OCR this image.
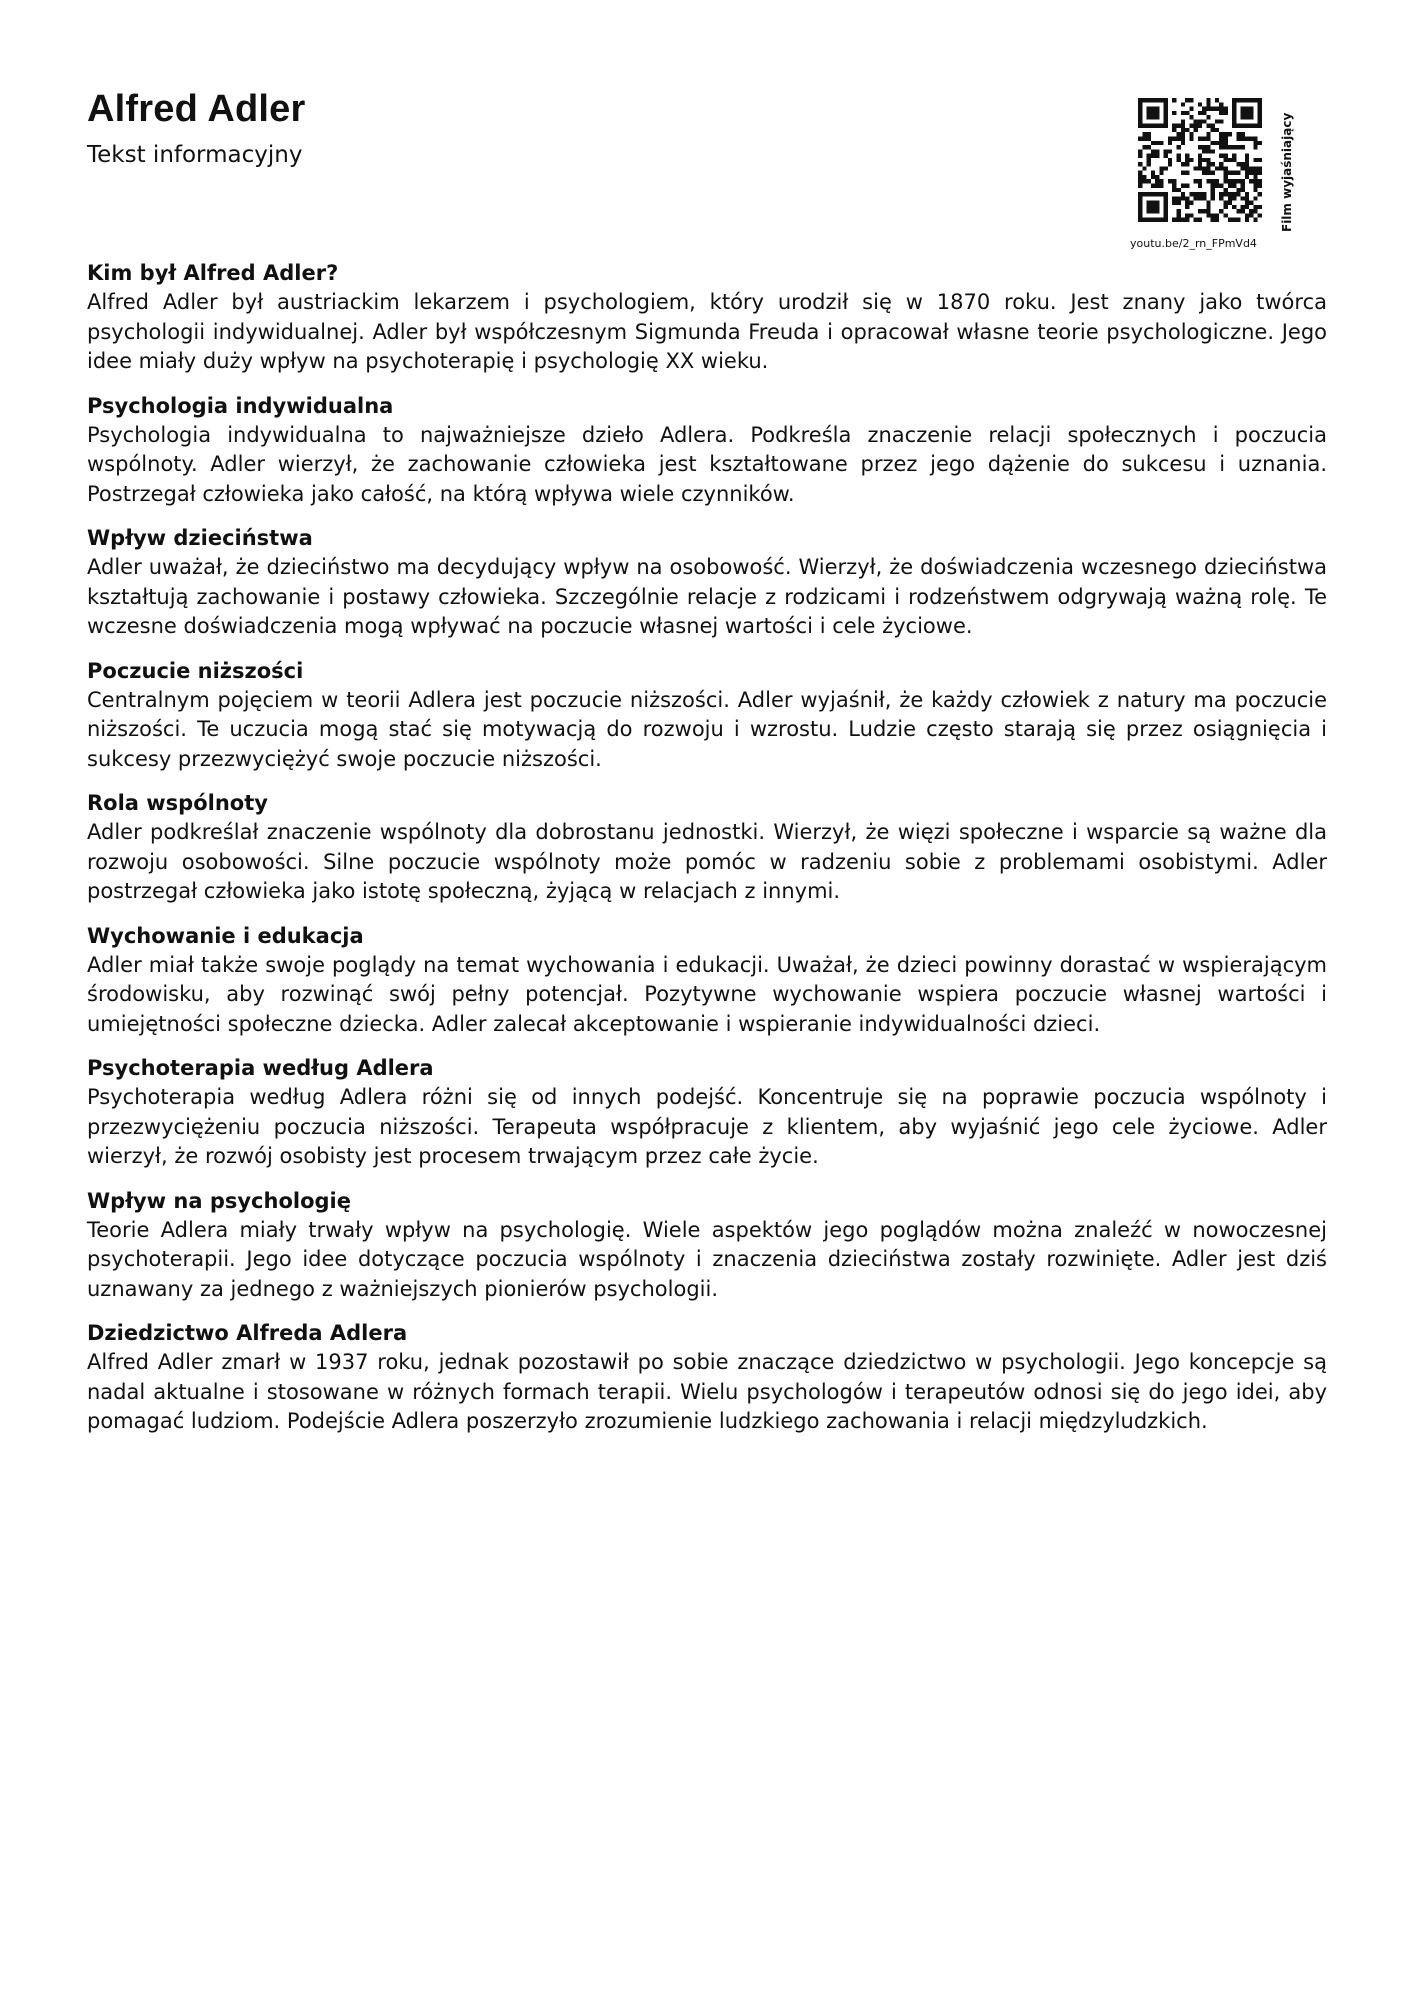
Alfred Adler

Tekst informacyjny

youtu.be/2_rn_FPmVd4
Film wyjaśniający
Kim był Alfred Adler?

Alfred Adler był austriackim lekarzem i psychologiem, który urodził się w 1870 roku. Jest znany jako twórca psychologii indywidualnej. Adler był współczesnym Sigmunda Freuda i opracował własne teorie psychologiczne. Jego idee miały duży wpływ na psychoterapię i psychologię XX wieku.

Psychologia indywidualna

Psychologia indywidualna to najważniejsze dzieło Adlera. Podkreśla znaczenie relacji społecznych i poczucia wspólnoty. Adler wierzył, że zachowanie człowieka jest kształtowane przez jego dążenie do sukcesu i uznania. Postrzegał człowieka jako całość, na którą wpływa wiele czynników.

Wpływ dzieciństwa

Adler uważał, że dzieciństwo ma decydujący wpływ na osobowość. Wierzył, że doświadczenia wczesnego dzieciństwa kształtują zachowanie i postawy człowieka. Szczególnie relacje z rodzicami i rodzeństwem odgrywają ważną rolę. Te wczesne doświadczenia mogą wpływać na poczucie własnej wartości i cele życiowe.

Poczucie niższości

Centralnym pojęciem w teorii Adlera jest poczucie niższości. Adler wyjaśnił, że każdy człowiek z natury ma poczucie niższości. Te uczucia mogą stać się motywacją do rozwoju i wzrostu. Ludzie często starają się przez osiągnięcia i sukcesy przezwyciężyć swoje poczucie niższości.

Rola wspólnoty

Adler podkreślał znaczenie wspólnoty dla dobrostanu jednostki. Wierzył, że więzi społeczne i wsparcie są ważne dla rozwoju osobowości. Silne poczucie wspólnoty może pomóc w radzeniu sobie z problemami osobistymi. Adler postrzegał człowieka jako istotę społeczną, żyjącą w relacjach z innymi.

Wychowanie i edukacja

Adler miał także swoje poglądy na temat wychowania i edukacji. Uważał, że dzieci powinny dorastać w wspierającym środowisku, aby rozwinąć swój pełny potencjał. Pozytywne wychowanie wspiera poczucie własnej wartości i umiejętności społeczne dziecka. Adler zalecał akceptowanie i wspieranie indywidualności dzieci.

Psychoterapia według Adlera

Psychoterapia według Adlera różni się od innych podejść. Koncentruje się na poprawie poczucia wspólnoty i przezwyciężeniu poczucia niższości. Terapeuta współpracuje z klientem, aby wyjaśnić jego cele życiowe. Adler wierzył, że rozwój osobisty jest procesem trwającym przez całe życie.

Wpływ na psychologię

Teorie Adlera miały trwały wpływ na psychologię. Wiele aspektów jego poglądów można znaleźć w nowoczesnej psychoterapii. Jego idee dotyczące poczucia wspólnoty i znaczenia dzieciństwa zostały rozwinięte. Adler jest dziś uznawany za jednego z ważniejszych pionierów psychologii.

Dziedzictwo Alfreda Adlera

Alfred Adler zmarł w 1937 roku, jednak pozostawił po sobie znaczące dziedzictwo w psychologii. Jego koncepcje są nadal aktualne i stosowane w różnych formach terapii. Wielu psychologów i terapeutów odnosi się do jego idei, aby pomagać ludziom. Podejście Adlera poszerzyło zrozumienie ludzkiego zachowania i relacji międzyludzkich.
